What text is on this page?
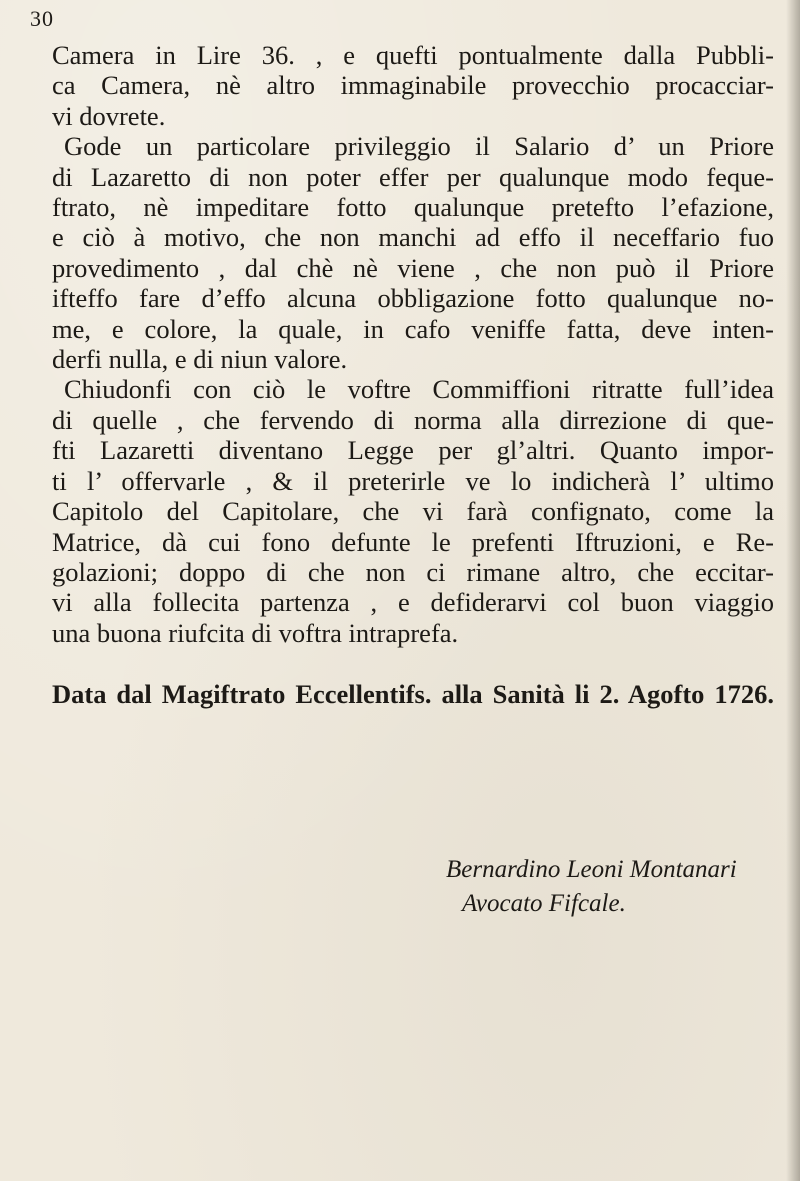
30
Camera in Lire 36. , e quefti pontualmente dalla Pubbli-
ca Camera, nè altro immaginabile provecchio procacciar-
vi dovrete.
Gode un particolare privileggio il Salario d’ un Priore
di Lazaretto di non poter effer per qualunque modo feque-
ftrato, nè impeditare fotto qualunque pretefto l’efazione,
e ciò à motivo, che non manchi ad effo il neceffario fuo
provedimento , dal chè nè viene , che non può il Priore
ifteffo fare d’effo alcuna obbligazione fotto qualunque no-
me, e colore, la quale, in cafo veniffe fatta, deve inten-
derfi nulla, e di niun valore.
Chiudonfi con ciò le voftre Commiffioni ritratte full’idea
di quelle , che fervendo di norma alla dirrezione di que-
fti Lazaretti diventano Legge per gl’altri. Quanto impor-
ti l’ offervarle , & il preterirle ve lo indicherà l’ ultimo
Capitolo del Capitolare, che vi farà confignato, come la
Matrice, dà cui fono defunte le prefenti Iftruzioni, e Re-
golazioni; doppo di che non ci rimane altro, che eccitar-
vi alla follecita partenza , e defiderarvi col buon viaggio
una buona riufcita di voftra intraprefa.
Data dal Magiftrato Eccellentifs. alla Sanità li 2. Agofto 1726.
Bernardino Leoni Montanari
Avocato Fifcale.
